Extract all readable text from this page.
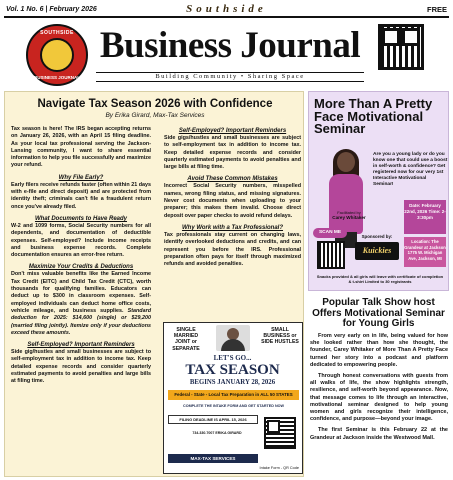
Vol. 1 No. 6 | February 2026	Southside	FREE
SOUTHSIDE
BUSINESS JOURNAL
Business Journal
Building Community • Sharing Space
Navigate Tax Season 2026 with Confidence
By Erika Girard, Max-Tax Services

Tax season is here! The IRS began accepting returns on January 26, 2026, with an April 15 filing deadline. As your local tax professional serving the Jackson-Lansing community, I want to share essential information to help you file successfully and maximize your refund.

Why File Early?

Early filers receive refunds faster (often within 21 days with e-file and direct deposit) and are protected from identity theft; criminals can't file a fraudulent return once you've already filed.

What Documents to Have Ready

W-2 and 1099 forms, Social Security numbers for all dependents, and documentation of deductible expenses. Self-employed? Include income receipts and business expense records. Complete documentation ensures an error-free return.

Maximize Your Credits & Deductions

Don't miss valuable benefits like the Earned Income Tax Credit (EITC) and Child Tax Credit (CTC), worth thousands for qualifying families. Educators can deduct up to $300 in classroom expenses. Self-employed individuals can deduct home office costs, vehicle mileage, and business supplies. Standard deduction for 2025: $14,600 (single) or $29,200 (married filing jointly). Itemize only if your deductions exceed these amounts.

Self-Employed? Important Reminders

Side gig/hustles and small businesses are subject to self-employment tax in addition to income tax. Keep detailed expense records and consider quarterly estimated payments to avoid penalties and large bills at filing time.

Self-Employed? Important Reminders

Side gigs/hustles and small businesses are subject to self-employment tax in addition to income tax. Keep detailed expense records and consider quarterly estimated payments to avoid penalties and large bills at filing time.

Avoid These Common Mistakes

Incorrect Social Security numbers, misspelled names, wrong filing status, and missing signatures. Never cost documents when uploading to your preparer; this makes them invalid. Choose direct deposit over paper checks to avoid refund delays.

Why Work with a Tax Professional?

Tax professionals stay current on changing laws, identify overlooked deductions and credits, and can represent you before the IRS. Professional preparation often pays for itself through maximized refunds and avoided penalties.

SINGLE MARRIED JOINT or SEPARATE
SMALL BUSINESS or SIDE HUSTLES
LET'S GO...
TAX SEASON
BEGINS JANUARY 28, 2026
Federal - State - Local Tax Preparation in ALL 50 STATES
COMPLETE THE INTAKE FORM AND GET STARTED NOW
FILING DEADLINE IS APRIL 15, 2026
734.330.7007 ERIKA GIRARD
MAX-TAX SERVICES
Intake Form - QR Code
More Than A Pretty Face Motivational Seminar
Are you a young lady or do you know one that could use a boost in self-worth & confidence? Get registered now for our very 1st Interactive Motivational Seminar!
Facilitated by
Carey Whitaker
Date: February 22nd, 2026 Time: 2-3:30pm
Location: The Grandeur at Jackson 1775 W. Michigan Ave, Jackson, MI
SCAN ME
Sponsored by:
Kuickies
Snacks provided & all girls will leave with certificate of completion & t-shirt Limited to 30 registrants
Popular Talk Show host Offers Motivational Seminar for Young Girls

From very early on in life, being valued for how she looked rather than how she thought, the founder, Carey Whitaker of More Than A Pretty Face turned her story into a podcast and platform dedicated to empowering people.

Through honest conversations with guests from all walks of life, the show highlights strength, resilience, and self-worth beyond appearance. Now, that message comes to life through an interactive, motivational seminar designed to help young women and girls recognize their intelligence, confidence, and purpose—beyond your image.

The first Seminar is this February 22 at the Grandeur at Jackson inside the Westwood Mall.
